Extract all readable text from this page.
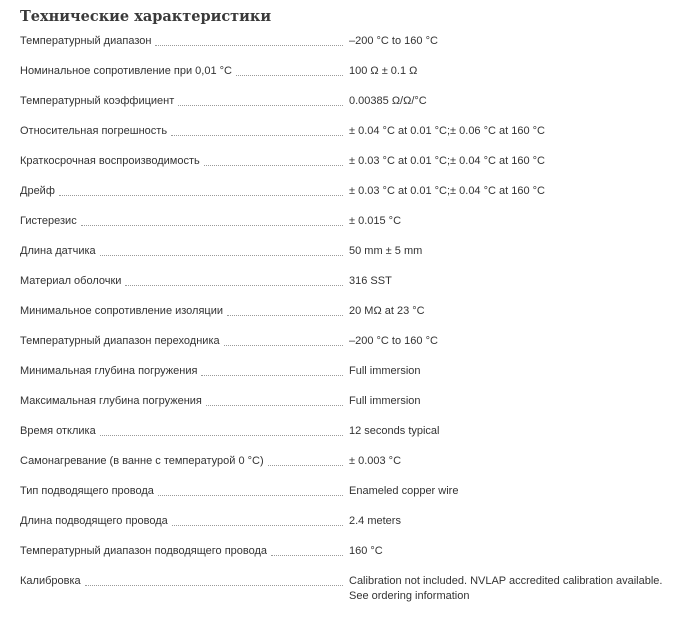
Технические характеристики
Температурный диапазон	–200 °C to 160 °C
Номинальное сопротивление при 0,01 °C	100 Ω ± 0.1 Ω
Температурный коэффициент	0.00385 Ω/Ω/°C
Относительная погрешность	± 0.04 °C at 0.01 °C;± 0.06 °C at 160 °C
Краткосрочная воспроизводимость	± 0.03 °C at 0.01 °C;± 0.04 °C at 160 °C
Дрейф	± 0.03 °C at 0.01 °C;± 0.04 °C at 160 °C
Гистерезис	± 0.015 °C
Длина датчика	50 mm ± 5 mm
Материал оболочки	316 SST
Минимальное сопротивление изоляции	20 MΩ at 23 °C
Температурный диапазон переходника	–200 °C to 160 °C
Минимальная глубина погружения	Full immersion
Максимальная глубина погружения	Full immersion
Время отклика	12 seconds typical
Самонагревание (в ванне с температурой 0 °C)	± 0.003 °C
Тип подводящего провода	Enameled copper wire
Длина подводящего провода	2.4 meters
Температурный диапазон подводящего провода	160 °C
Калибровка	Calibration not included. NVLAP accredited calibration available. See ordering information
